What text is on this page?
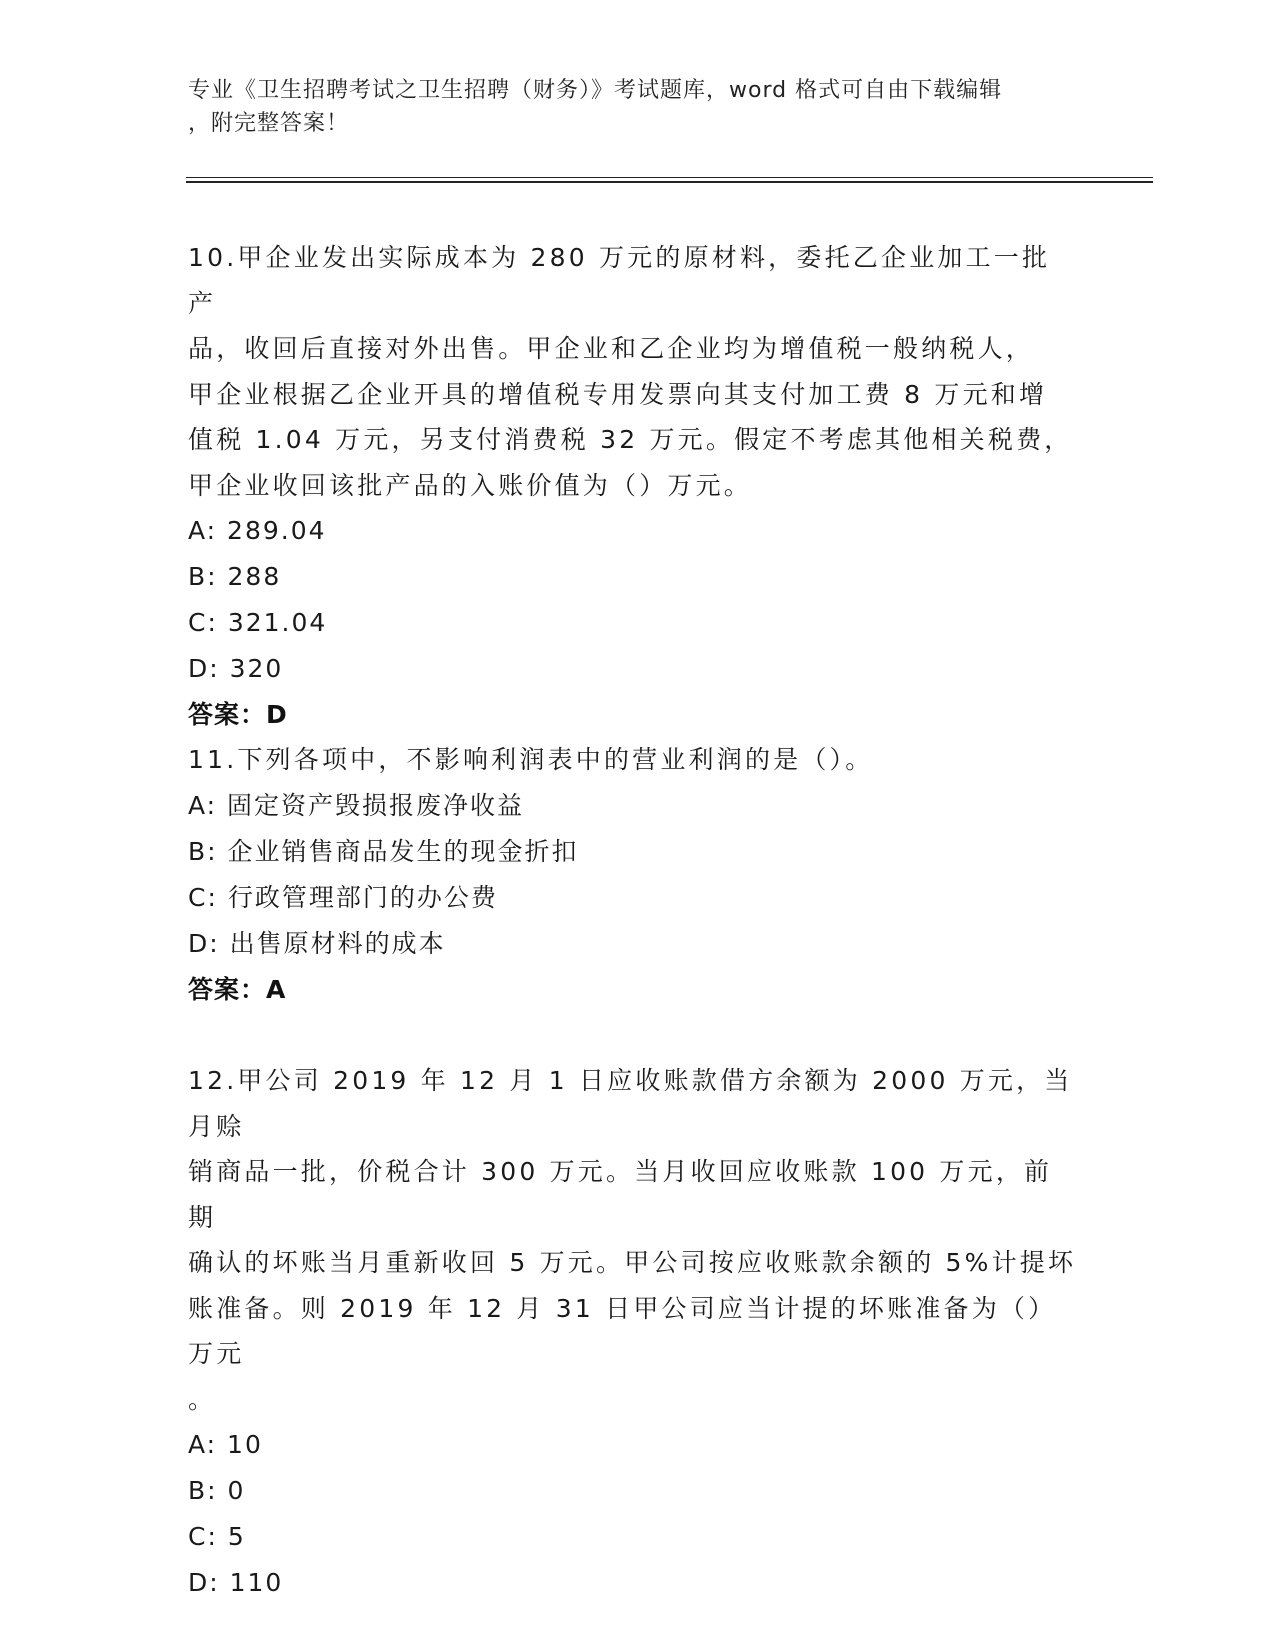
专业《卫生招聘考试之卫生招聘（财务）》考试题库，word 格式可自由下载编辑
，附完整答案！

10.甲企业发出实际成本为 280 万元的原材料，委托乙企业加工一批产
品，收回后直接对外出售。甲企业和乙企业均为增值税一般纳税人，
甲企业根据乙企业开具的增值税专用发票向其支付加工费 8 万元和增
值税 1.04 万元，另支付消费税 32 万元。假定不考虑其他相关税费，
甲企业收回该批产品的入账价值为（）万元。

A: 289.04
B: 288
C: 321.04
D: 320
答案：D

11.下列各项中，不影响利润表中的营业利润的是（）。

A: 固定资产毁损报废净收益
B: 企业销售商品发生的现金折扣
C: 行政管理部门的办公费
D: 出售原材料的成本
答案：A

12.甲公司 2019 年 12 月 1 日应收账款借方余额为 2000 万元，当月赊
销商品一批，价税合计 300 万元。当月收回应收账款 100 万元，前期
确认的坏账当月重新收回 5 万元。甲公司按应收账款余额的 5%计提坏
账准备。则 2019 年 12 月 31 日甲公司应当计提的坏账准备为（）万元
。

A: 10
B: 0
C: 5
D: 110
